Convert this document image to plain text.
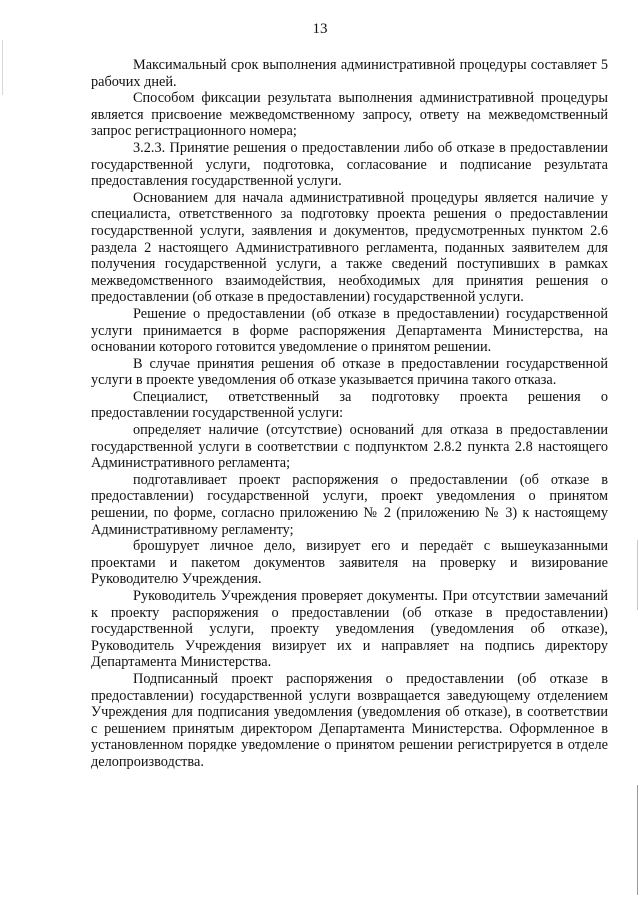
13

Максимальный срок выполнения административной процедуры составляет 5 рабочих дней.

Способом фиксации результата выполнения административной процедуры является присвоение межведомственному запросу, ответу на межведомственный запрос регистрационного номера;

3.2.3. Принятие решения о предоставлении либо об отказе в предоставлении государственной услуги, подготовка, согласование и подписание результата предоставления государственной услуги.

Основанием для начала административной процедуры является наличие у специалиста, ответственного за подготовку проекта решения о предоставлении государственной услуги, заявления и документов, предусмотренных пунктом 2.6 раздела 2 настоящего Административного регламента, поданных заявителем для получения государственной услуги, а также сведений поступивших в рамках межведомственного взаимодействия, необходимых для принятия решения о предоставлении (об отказе в предоставлении) государственной услуги.

Решение о предоставлении (об отказе в предоставлении) государственной услуги принимается в форме распоряжения Департамента Министерства, на основании которого готовится уведомление о принятом решении.

В случае принятия решения об отказе в предоставлении государственной услуги в проекте уведомления об отказе указывается причина такого отказа.

Специалист, ответственный за подготовку проекта решения о предоставлении государственной услуги:

определяет наличие (отсутствие) оснований для отказа в предоставлении государственной услуги в соответствии с подпунктом 2.8.2 пункта 2.8 настоящего Административного регламента;

подготавливает проект распоряжения о предоставлении (об отказе в предоставлении) государственной услуги, проект уведомления о принятом решении, по форме, согласно приложению № 2 (приложению № 3) к настоящему Административному регламенту;

брошурует личное дело, визирует его и передаёт с вышеуказанными проектами и пакетом документов заявителя на проверку и визирование Руководителю Учреждения.

Руководитель Учреждения проверяет документы. При отсутствии замечаний к проекту распоряжения о предоставлении (об отказе в предоставлении) государственной услуги, проекту уведомления (уведомления об отказе), Руководитель Учреждения визирует их и направляет на подпись директору Департамента Министерства.

Подписанный проект распоряжения о предоставлении (об отказе в предоставлении) государственной услуги возвращается заведующему отделением Учреждения для подписания уведомления (уведомления об отказе), в соответствии с решением принятым директором Департамента Министерства. Оформленное в установленном порядке уведомление о принятом решении регистрируется в отделе делопроизводства.
